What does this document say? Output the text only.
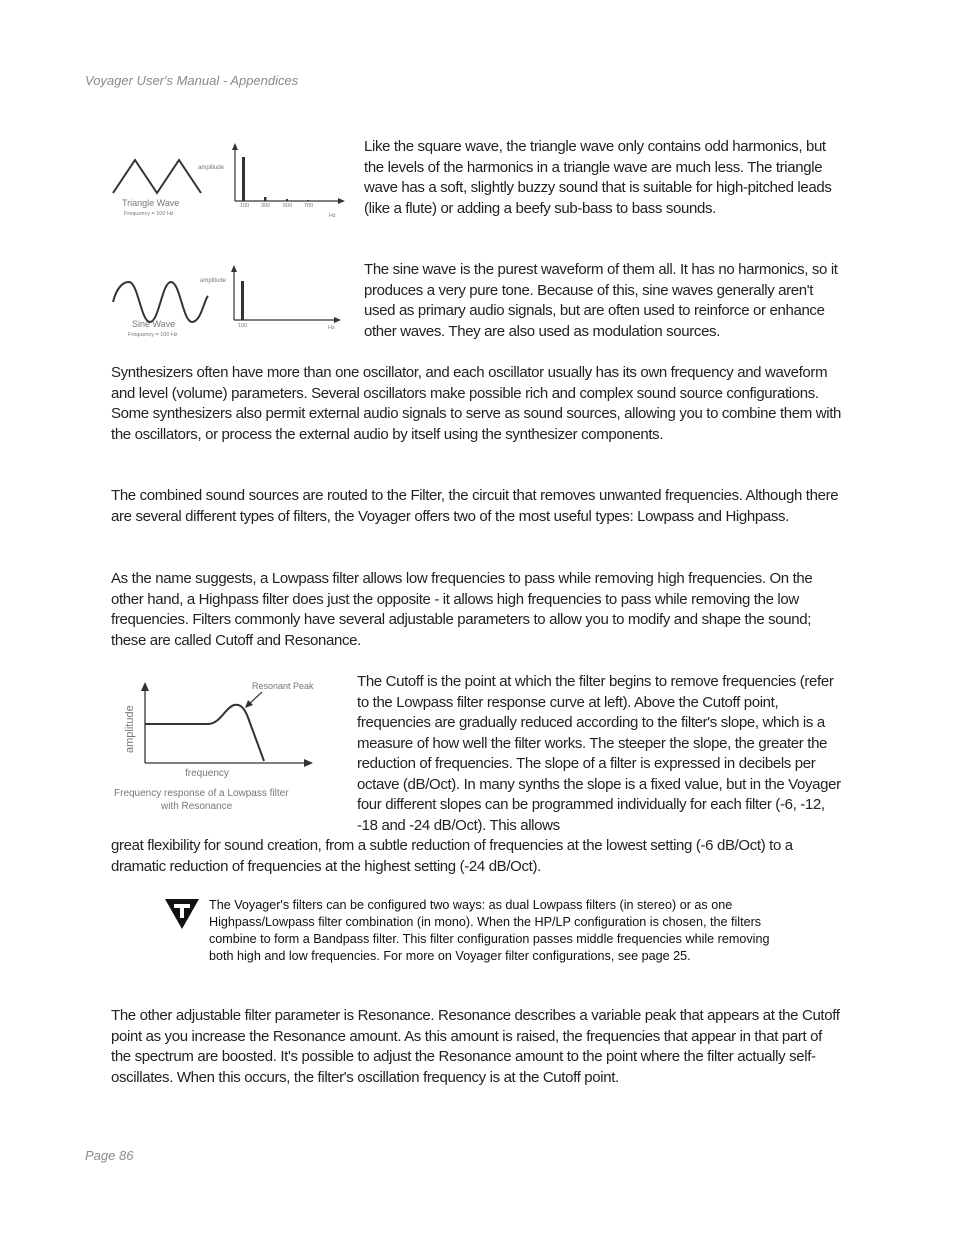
Voyager User's Manual - Appendices
amplitude
100 300 500 700
Hz
Triangle Wave
Frequency = 100 Hz

Like the square wave, the triangle wave only contains odd harmonics, but the levels of the harmonics in a triangle wave are much less. The triangle wave has a soft, slightly buzzy sound that is suitable for high-pitched leads (like a flute) or adding a beefy sub-bass to bass sounds.

amplitude
100	Hz
Sine Wave
Frequency = 100 Hz

The sine wave is the purest waveform of them all. It has no harmonics, so it produces a very pure tone. Because of this, sine waves generally aren't used as primary audio signals, but are often used to reinforce or enhance other waves. They are also used as modulation sources.

Synthesizers often have more than one oscillator, and each oscillator usually has its own frequency and waveform and level (volume) parameters. Several oscillators make possible rich and complex sound source configurations. Some synthesizers also permit external audio signals to serve as sound sources, allowing you to combine them with the oscillators, or process the external audio by itself using the synthesizer components.

The combined sound sources are routed to the Filter, the circuit that removes unwanted frequencies. Although there are several different types of filters, the Voyager offers two of the most useful types: Lowpass and Highpass.

As the name suggests, a Lowpass filter allows low frequencies to pass while removing high frequencies. On the other hand, a Highpass filter does just the opposite - it allows high frequencies to pass while removing the low frequencies. Filters commonly have several adjustable parameters to allow you to modify and shape the sound; these are called Cutoff and Resonance.

Resonant Peak
amplitude
frequency
Frequency response of a Lowpass filter
with Resonance

The Cutoff is the point at which the filter begins to remove frequencies (refer to the Lowpass filter response curve at left). Above the Cutoff point, frequencies are gradually reduced according to the filter's slope, which is a measure of how well the filter works. The steeper the slope, the greater the reduction of frequencies. The slope of a filter is expressed in decibels per octave (dB/Oct). In many synths the slope is a fixed value, but in the Voyager four different slopes can be programmed individually for each filter (-6, -12, -18 and -24 dB/Oct). This allows

great flexibility for sound creation, from a subtle reduction of frequencies at the lowest setting (-6 dB/Oct) to a dramatic reduction of frequencies at the highest setting (-24 dB/Oct).

The Voyager's filters can be configured two ways: as dual Lowpass filters (in stereo) or as one Highpass/Lowpass filter combination (in mono). When the HP/LP configuration is chosen, the filters combine to form a Bandpass filter. This filter configuration passes middle frequencies while removing both high and low frequencies. For more on Voyager filter configurations, see page 25.

The other adjustable filter parameter is Resonance. Resonance describes a variable peak that appears at the Cutoff point as you increase the Resonance amount. As this amount is raised, the frequencies that appear in that part of the spectrum are boosted. It's possible to adjust the Resonance amount to the point where the filter actually self-oscillates. When this occurs, the filter's oscillation frequency is at the Cutoff point.

Page 86
